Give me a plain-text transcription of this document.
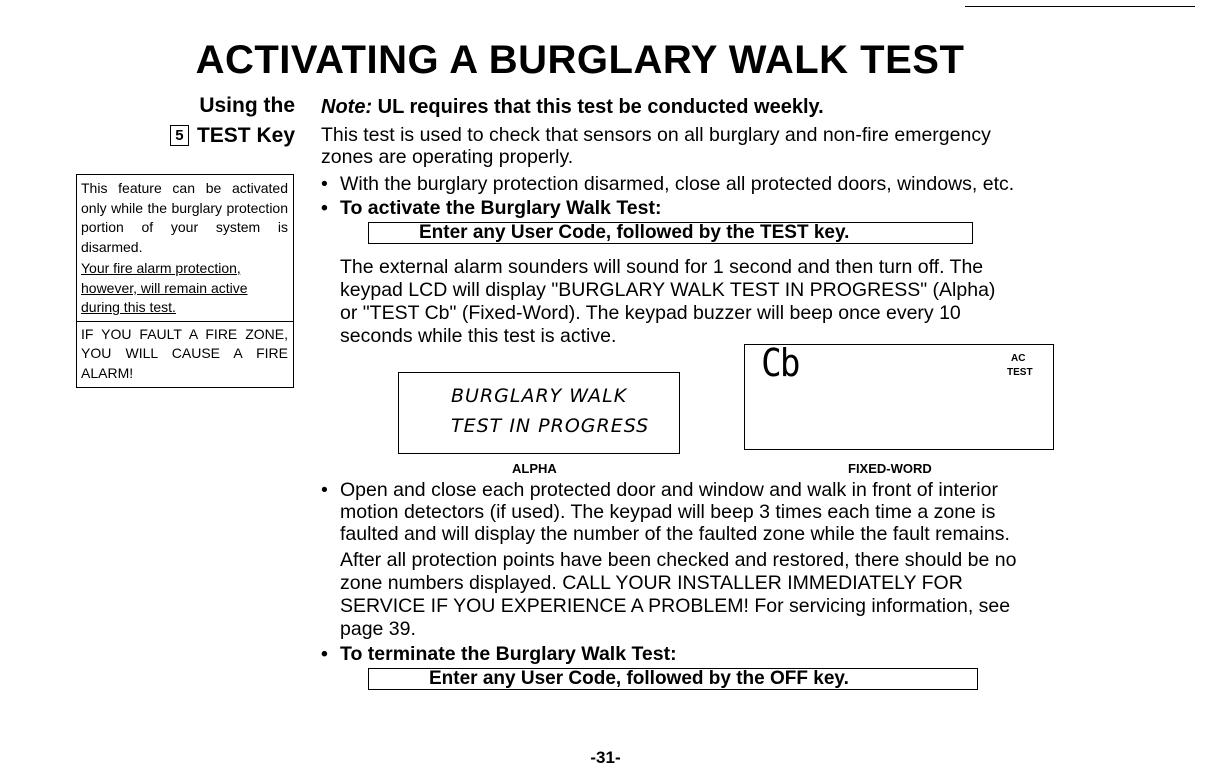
ACTIVATING A BURGLARY WALK TEST
Using the
5 TEST Key

This feature can be activated only while the burglary protection portion of your system is disarmed.

Your fire alarm protection, however, will remain active during this test.

IF YOU FAULT A FIRE ZONE, YOU WILL CAUSE A FIRE ALARM!

Note: UL requires that this test be conducted weekly.
This test is used to check that sensors on all burglary and non-fire emergency
zones are operating properly.
• With the burglary protection disarmed, close all protected doors, windows, etc.
• To activate the Burglary Walk Test:
Enter any User Code, followed by the TEST key.
The external alarm sounders will sound for 1 second and then turn off. The
keypad LCD will display "BURGLARY WALK TEST IN PROGRESS" (Alpha)
or "TEST Cb" (Fixed-Word). The keypad buzzer will beep once every 10
seconds while this test is active.
BURGLARY WALK
TEST IN PROGRESS
ALPHA
Cb	AC
TEST
FIXED-WORD
• Open and close each protected door and window and walk in front of interior
motion detectors (if used). The keypad will beep 3 times each time a zone is
faulted and will display the number of the faulted zone while the fault remains.
After all protection points have been checked and restored, there should be no
zone numbers displayed. CALL YOUR INSTALLER IMMEDIATELY FOR
SERVICE IF YOU EXPERIENCE A PROBLEM! For servicing information, see
page 39.
• To terminate the Burglary Walk Test:
Enter any User Code, followed by the OFF key.
-31-
